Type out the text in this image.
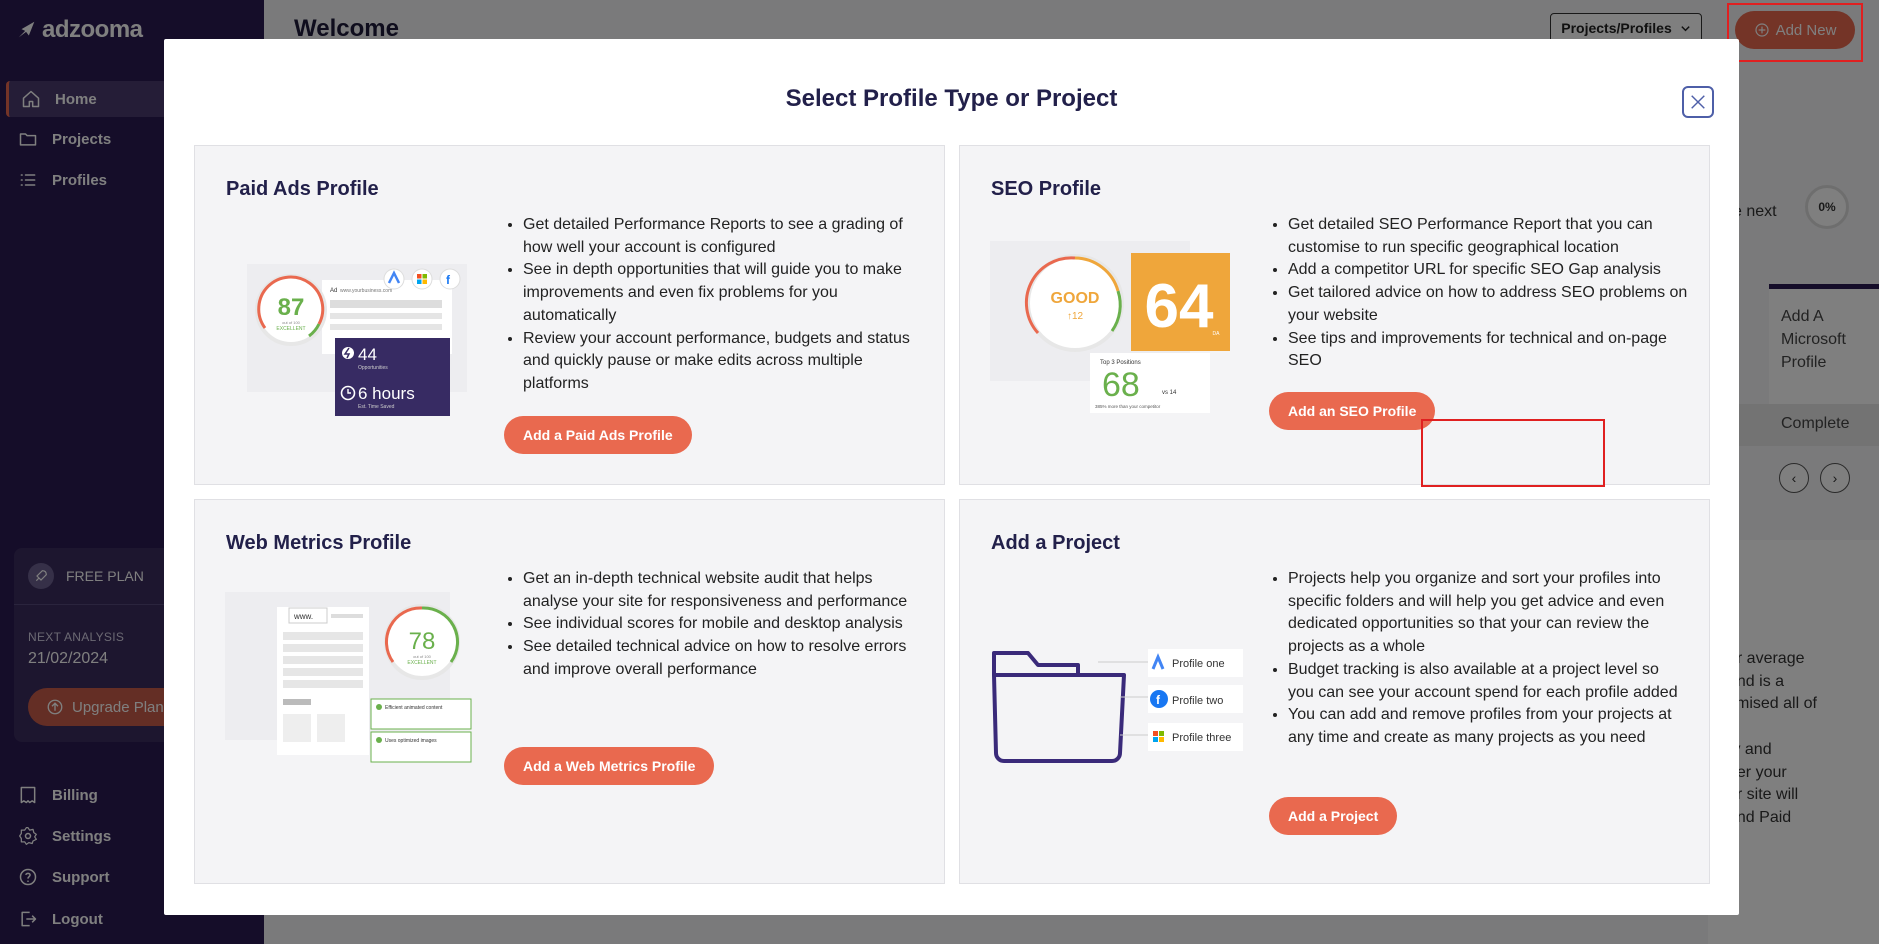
Select Profile Type or Project
Paid Ads Profile
Ad www.yourbusiness.com
f
87
out of 100
EXCELLENT
44
Opportunities
6 hours
Est. Time Saved
• Get detailed Performance Reports to see a grading of how well your account is configured
• See in depth opportunities that will guide you to make improvements and even fix problems for you automatically
• Review your account performance, budgets and status and quickly pause or make edits across multiple platforms
Add a Paid Ads Profile
SEO Profile
GOOD
↑12 64 DA
Top 3 Positions
68	vs 14
385% more than your competitor
• Get detailed SEO Performance Report that you can customise to run specific geographical location
• Add a competitor URL for specific SEO Gap analysis
• Get tailored advice on how to address SEO problems on your website
• See tips and improvements for technical and on-page SEO
Add an SEO Profile
Web Metrics Profile
www.
78
out of 100
EXCELLENT
Efficient animated content
Uses optimized images
• Get an in-depth technical website audit that helps analyse your site for responsiveness and performance
• See individual scores for mobile and desktop analysis
• See detailed technical advice on how to resolve errors and improve overall performance
Add a Web Metrics Profile
Add a Project
Profile one
f Profile two
Profile three
• Projects help you organize and sort your profiles into specific folders and will help you get advice and even dedicated opportunities so that your can review the projects as a whole
• Budget tracking is also available at a project level so you can see your account spend for each profile added
• You can add and remove profiles from your projects at any time and create as many projects as you need
Add a Project
